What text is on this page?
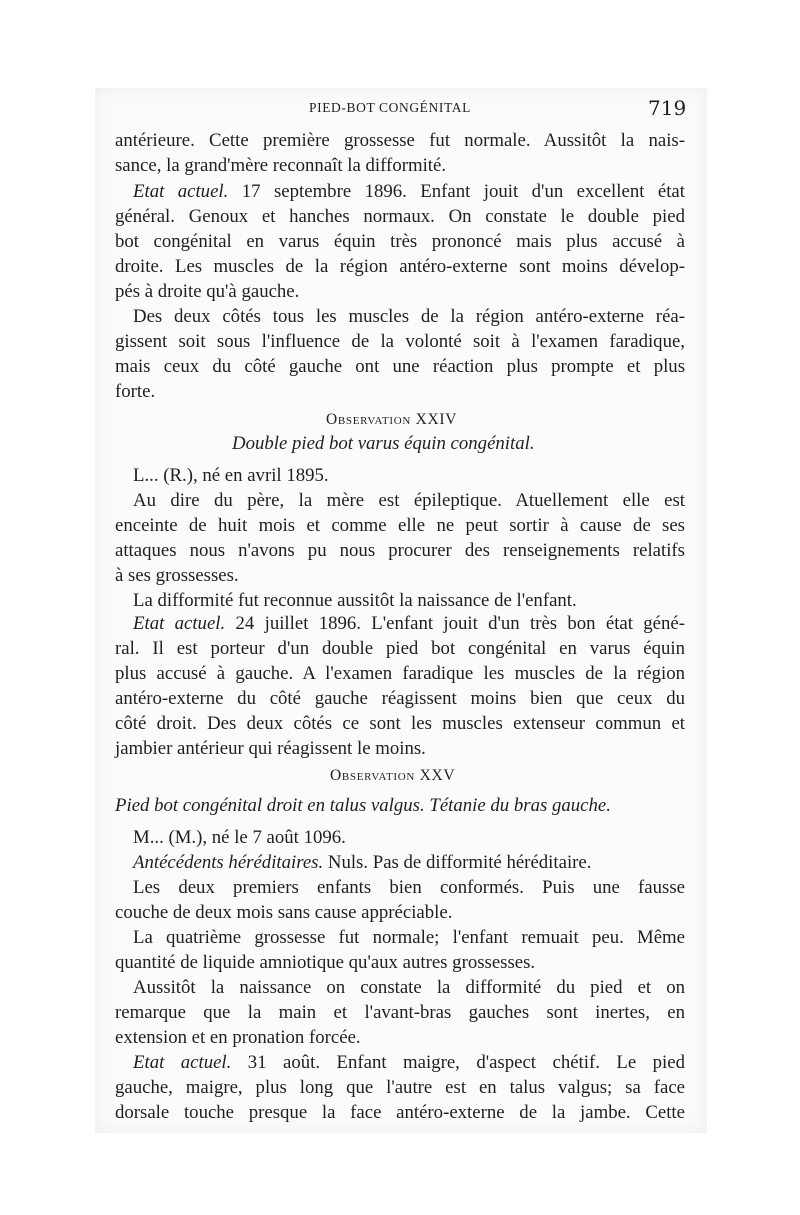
PIED-BOT CONGÉNITAL	719
antérieure. Cette première grossesse fut normale. Aussitôt la nais-
sance, la grand'mère reconnaît la difformité.
Etat actuel. 17 septembre 1896. Enfant jouit d'un excellent état
général. Genoux et hanches normaux. On constate le double pied
bot congénital en varus équin très prononcé mais plus accusé à
droite. Les muscles de la région antéro-externe sont moins dévelop-
pés à droite qu'à gauche.
Des deux côtés tous les muscles de la région antéro-externe réa-
gissent soit sous l'influence de la volonté soit à l'examen faradique,
mais ceux du côté gauche ont une réaction plus prompte et plus
forte.
Observation XXIV
Double pied bot varus équin congénital.
L... (R.), né en avril 1895.
Au dire du père, la mère est épileptique. Atuellement elle est
enceinte de huit mois et comme elle ne peut sortir à cause de ses
attaques nous n'avons pu nous procurer des renseignements relatifs
à ses grossesses.
La difformité fut reconnue aussitôt la naissance de l'enfant.
Etat actuel. 24 juillet 1896. L'enfant jouit d'un très bon état géné-
ral. Il est porteur d'un double pied bot congénital en varus équin
plus accusé à gauche. A l'examen faradique les muscles de la région
antéro-externe du côté gauche réagissent moins bien que ceux du
côté droit. Des deux côtés ce sont les muscles extenseur commun et
jambier antérieur qui réagissent le moins.
Observation XXV
Pied bot congénital droit en talus valgus. Tétanie du bras gauche.
M... (M.), né le 7 août 1096.
Antécédents héréditaires. Nuls. Pas de difformité héréditaire.
Les deux premiers enfants bien conformés. Puis une fausse
couche de deux mois sans cause appréciable.
La quatrième grossesse fut normale; l'enfant remuait peu. Même
quantité de liquide amniotique qu'aux autres grossesses.
Aussitôt la naissance on constate la difformité du pied et on
remarque que la main et l'avant-bras gauches sont inertes, en
extension et en pronation forcée.
Etat actuel. 31 août. Enfant maigre, d'aspect chétif. Le pied
gauche, maigre, plus long que l'autre est en talus valgus; sa face
dorsale touche presque la face antéro-externe de la jambe. Cette
